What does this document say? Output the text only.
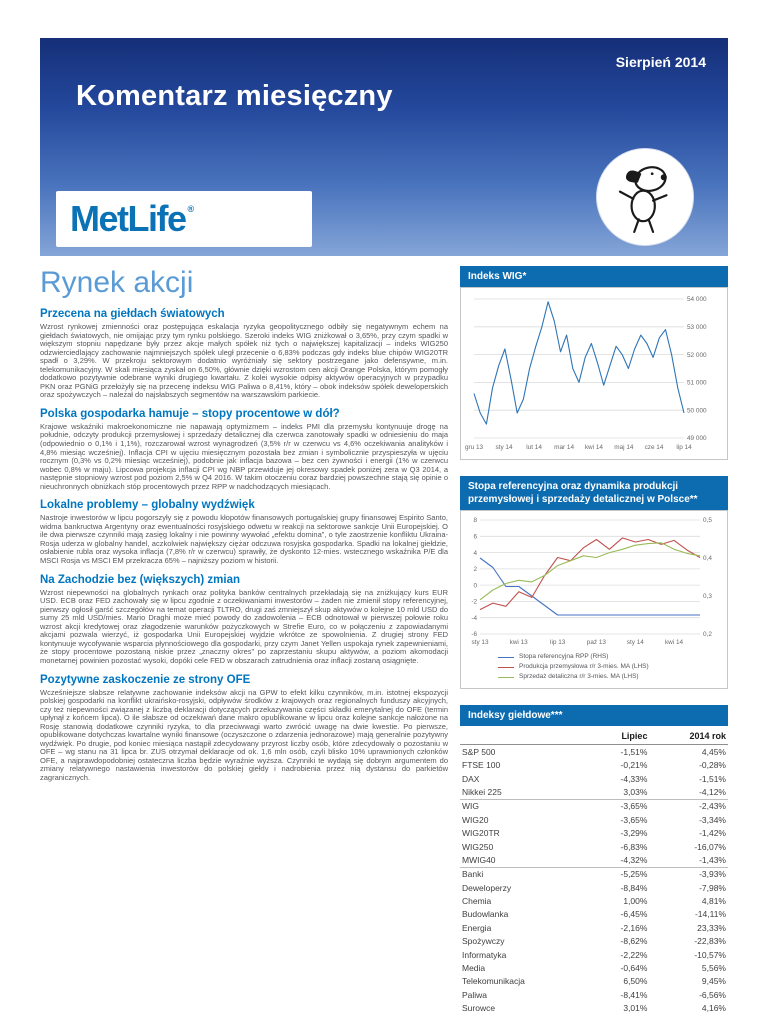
Sierpień 2014
Komentarz miesięczny
MetLife ®
Rynek akcji
Przecena na giełdach światowych

Wzrost rynkowej zmienności oraz postępująca eskalacja ryzyka geopolitycznego odbiły się negatywnym echem na giełdach światowych, nie omijając przy tym rynku polskiego. Szeroki indeks WIG zniżkował o 3,65%, przy czym spadki w większym stopniu napędzane były przez akcje małych spółek niż tych o największej kapitalizacji – indeks WIG250 odzwierciedlający zachowanie najmniejszych spółek uległ przecenie o 6,83% podczas gdy indeks blue chipów WIG20TR spadł o 3,29%. W przekroju sektorowym dodatnio wyróżniały się sektory postrzegane jako defensywne, m.in. telekomunikacyjny. W skali miesiąca zyskał on 6,50%, głównie dzięki wzrostom cen akcji Orange Polska, którym pomogły dodatkowo pozytywnie odebrane wyniki drugiego kwartału. Z kolei wysokie odpisy aktywów operacyjnych w przypadku PKN oraz PGNiG przełożyły się na przecenę indeksu WIG Paliwa o 8,41%, który – obok indeksów spółek deweloperskich oraz spożywczych – należał do najsłabszych segmentów na warszawskim parkiecie.

Polska gospodarka hamuje – stopy procentowe w dół?

Krajowe wskaźniki makroekonomiczne nie napawają optymizmem – indeks PMI dla przemysłu kontynuuje drogę na południe, odczyty produkcji przemysłowej i sprzedaży detalicznej dla czerwca zanotowały spadki w odniesieniu do maja (odpowiednio o 0,1% i 1,1%), rozczarował wzrost wynagrodzeń (3,5% r/r w czerwcu vs 4,6% oczekiwania analityków i 4,8% miesiąc wcześniej). Inflacja CPI w ujęciu miesięcznym pozostała bez zmian i symbolicznie przyspieszyła w ujęciu rocznym (0,3% vs 0,2% miesiąc wcześniej), podobnie jak inflacja bazowa – bez cen żywności i energii (1% w czerwcu wobec 0,8% w maju). Lipcowa projekcja inflacji CPI wg NBP przewiduje jej okresowy spadek poniżej zera w Q3 2014, a następnie stopniowy wzrost pod poziom 2,5% w Q4 2016. W takim otoczeniu coraz bardziej powszechne stają się opinie o nieuchronnych obniżkach stóp procentowych przez RPP w nadchodzących miesiącach.

Lokalne problemy – globalny wydźwięk

Nastroje inwestorów w lipcu pogorszyły się z powodu kłopotów finansowych portugalskiej grupy finansowej Espirito Santo, widma bankructwa Argentyny oraz ewentualności rosyjskiego odwetu w reakcji na sektorowe sankcje Unii Europejskiej. O ile dwa pierwsze czynniki mają zasięg lokalny i nie powinny wywołać „efektu domina”, o tyle zaostrzenie konfliktu Ukraina-Rosja uderza w globalny handel, aczkolwiek największy ciężar odczuwa rosyjska gospodarka. Spadki na lokalnej giełdzie, osłabienie rubla oraz wysoka inflacja (7,8% r/r w czerwcu) sprawiły, że dyskonto 12-mies. wstecznego wskaźnika P/E dla MSCI Rosja vs MSCI EM przekracza 65% – najniższy poziom w historii.

Na Zachodzie bez (większych) zmian

Wzrost niepewności na globalnych rynkach oraz polityka banków centralnych przekładają się na zniżkujący kurs EUR USD. ECB oraz FED zachowały się w lipcu zgodnie z oczekiwaniami inwestorów – żaden nie zmienił stopy referencyjnej, pierwszy ogłosił garść szczegółów na temat operacji TLTRO, drugi zaś zmniejszył skup aktywów o kolejne 10 mld USD do sumy 25 mld USD/mies. Mario Draghi może mieć powody do zadowolenia – ECB odnotował w pierwszej połowie roku wzrost akcji kredytowej oraz złagodzenie warunków pożyczkowych w Strefie Euro, co w połączeniu z zapowiadanymi akcjami pozwala wierzyć, iż gospodarka Unii Europejskiej wyjdzie wkrótce ze spowolnienia. Z drugiej strony FED kontynuuje wycofywanie wsparcia płynnościowego dla gospodarki, przy czym Janet Yellen uspokaja rynek zapewnieniami, że stopy procentowe pozostaną niskie przez „znaczny okres” po zaprzestaniu skupu aktywów, a poziom akomodacji monetarnej powinien pozostać wysoki, dopóki cele FED w obszarach zatrudnienia oraz inflacji zostaną osiągnięte.

Pozytywne zaskoczenie ze strony OFE

Wcześniejsze słabsze relatywne zachowanie indeksów akcji na GPW to efekt kilku czynników, m.in. istotnej ekspozycji polskiej gospodarki na konflikt ukraińsko-rosyjski, odpływów środków z krajowych oraz regionalnych funduszy akcyjnych, czy też niepewności związanej z liczbą deklaracji dotyczących przekazywania części składki emerytalnej do OFE (termin upłynął z końcem lipca). O ile słabsze od oczekiwań dane makro opublikowane w lipcu oraz kolejne sankcje nałożone na Rosję stanowią dodatkowe czynniki ryzyka, to dla przeciwwagi warto zwrócić uwagę na dwie kwestie. Po pierwsze, opublikowane dotychczas kwartalne wyniki finansowe (oczyszczone o zdarzenia jednorazowe) mają generalnie pozytywny wydźwięk. Po drugie, pod koniec miesiąca nastąpił zdecydowany przyrost liczby osób, które zdecydowały o pozostaniu w OFE – wg stanu na 31 lipca br. ZUS otrzymał deklaracje od ok. 1,6 mln osób, czyli blisko 10% uprawnionych członków OFE, a najprawdopodobniej ostateczna liczba będzie wyraźnie wyższa. Czynniki te wydają się dobrym argumentem do zmiany relatywnego nastawienia inwestorów do polskiej giełdy i nadrobienia przez nią dystansu do parkietów zagranicznych.

Indeks WIG*
54 000
53 000
52 000
51 000
50 000
49 000
gru 13 sty 14 lut 14 mar 14 kwi 14 maj 14 cze 14 lip 14
Stopa referencyjna oraz dynamika produkcji przemysłowej i sprzedaży detalicznej w Polsce**
8
6
4
2
0
-2
-4
-6
0,5
0,4
0,3
0,2
sty 13	kwi 13	lip 13	paź 13	sty 14	kwi 14
Stopa referencyjna RPP (RHS)
Produkcja przemysłowa r/r 3-mies. MA (LHS)
Sprzedaż detaliczna r/r 3-mies. MA (LHS)
Indeksy giełdowe***
	Lipiec	2014 rok
S&P 500	-1,51%	4,45%
FTSE 100	-0,21%	-0,28%
DAX	-4,33%	-1,51%
Nikkei 225	3,03%	-4,12%
WIG	-3,65%	-2,43%
WIG20	-3,65%	-3,34%
WIG20TR	-3,29%	-1,42%
WIG250	-6,83%	-16,07%
MWIG40	-4,32%	-1,43%
Banki	-5,25%	-3,93%
Deweloperzy	-8,84%	-7,98%
Chemia	1,00%	4,81%
Budowlanka	-6,45%	-14,11%
Energia	-2,16%	23,33%
Spożywczy	-8,62%	-22,83%
Informatyka	-2,22%	-10,57%
Media	-0,64%	5,56%
Telekomunikacja	6,50%	9,45%
Paliwa	-8,41%	-6,56%
Surowce	3,01%	4,16%
